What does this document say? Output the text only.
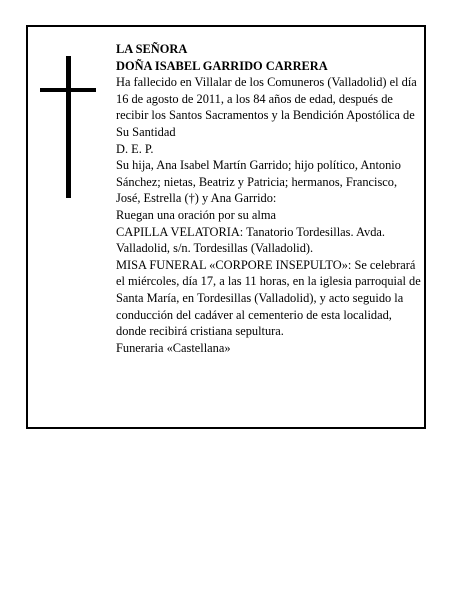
LA SEÑORA

DOÑA ISABEL GARRIDO CARRERA

Ha fallecido en Villalar de los Comuneros (Valladolid) el día 16 de agosto de 2011, a los 84 años de edad, después de recibir los Santos Sacramentos y la Bendición Apostólica de Su Santidad

D. E. P.

Su hija, Ana Isabel Martín Garrido; hijo político, Antonio Sánchez; nietas, Beatriz y Patricia; hermanos, Francisco, José, Estrella (†) y Ana Garrido:

Ruegan una oración por su alma

CAPILLA VELATORIA: Tanatorio Tordesillas. Avda. Valladolid, s/n. Tordesillas (Valladolid).

MISA FUNERAL «CORPORE INSEPULTO»: Se celebrará el miércoles, día 17, a las 11 horas, en la iglesia parroquial de Santa María, en Tordesillas (Valladolid), y acto seguido la conducción del cadáver al cementerio de esta localidad, donde recibirá cristiana sepultura.

Funeraria «Castellana»
